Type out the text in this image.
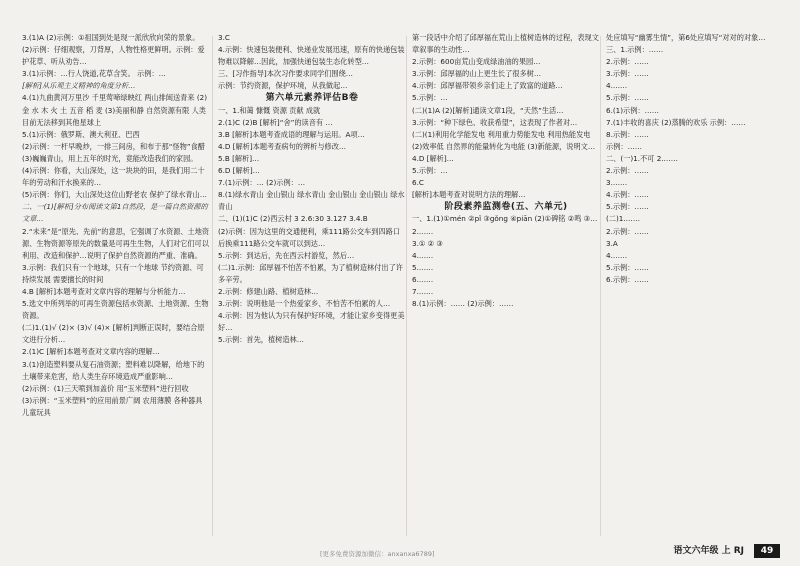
3.(1)A (2)示例：①祖国到处是现一派欣欣向荣的景象。

(2)示例：仔细观察，刀背厚，人物性格更鲜明。示例：爱护花草、听从劝告…

3.(1)示例：…行人饶道,花草含笑。 示例：…

[解析]从乐观主义精神的角度分析…

4.(1)九曲黄河万里沙 千里莺啼绿映红 两山排闼送青来 (2)金 水 木 火 土 五音 稻 麦 (3)美丽和静 自然资源有限 人类目前无法移到其他星球上

5.(1)示例：俄罗斯、澳大利亚、巴西

(2)示例：一杆早晚炒，一排三间房，和布于那“怪物”食醋

(3)巍巍青山，用上五年的时光，竟能改造我们的家园。

(4)示例：你看，大山深处，这一块块的田，是我们用二十年的劳动和汗水换来的…

(5)示例：你们，大山深处这位山野老农 保护了绿水青山…

二、一(1)[解析]分布阅读文第1自然段，是一篇自然资源的文章…

2.“未来”是“原先、先前”的意思，它强调了水资源、土地资源、生物资源等原先的数量是可再生生物，人们对它们可以利用、改造和保护…说明了保护自然资源的严重、准确。

3.示例：我们只有一个地球，只有一个地球 节约资源、可持续发展 需要擅长的时间

4.B [解析]本题考查对文章内容的理解与分析能力…

5.选文中所列举的可再生资源包括水资源、土地资源、生物资源。

(二)1.(1)√ (2)× (3)√ (4)× [解析]判断正误时，要结合原文进行分析…

2.(1)C [解析]本题考查对文章内容的理解…

3.(1)创造塑料要从复石油资源；塑料难以降解，给地下的土壤带来危害，给人类生存环境造成严重影响…

(2)示例：(1)三天喷到加盖价 用“玉米塑料”进行回收

(3)示例：“玉米塑料”的应用前景广阔 农用薄膜 各种器具 儿童玩具

3.C

4.示例：快速包装便利、快递业发展迅速，原有的快递包装物难以降解…因此，加强快递包装生态化转型…

三、[习作指导]本次习作要求同学们围绕…

示例：节约资源，保护环境，从我做起…

第六单元素养评估B卷

一、1.和蔼 慷慨 资源 贡献 成就

2.(1)C (2)B [解析]“舍”的读音有 …

3.B [解析]本题考查成语的理解与运用。A项…

4.D [解析]本题考查病句的辨析与修改…

5.B [解析]…

6.D [解析]…

7.(1)示例：… (2)示例：…

8.(1)绿水青山 金山银山 绿水青山 金山银山 金山银山 绿水青山

二、(1)(1)C (2)西云村 3 2.6:30 3.127 3.4.B

(2)示例：因为这里的交通便利，乘111路公交车到四路口后换乘111路公交车就可以到达…

5.示例：到达后，先在西云村游览，然后…

(二)1.示例：邱厚福不怕苦不怕累，为了植树造林付出了许多辛劳。

2.示例：修建山路、植树造林…

3.示例：说明他是一个热爱家乡、不怕苦不怕累的人…

4.示例：因为他认为只有保护好环境，才能让家乡变得更美好…

5.示例：首先，植树造林…

第一段话中介绍了邱厚福在荒山上植树造林的过程，表现文章叙事的生动性…

2.示例：600亩荒山变成绿油油的果园…

3.示例：邱厚福的山上更生长了很多树…

4.示例：邱厚福带领乡亲们走上了致富的道路…

5.示例：…

(二)(1)A (2)[解析]通读文章1段，“天然”生活…

3.示例：“种下绿色、收获希望”，这表现了作者对…

(二)(1)利用化学能发电 利用重力势能发电 利用热能发电 (2)效率低 自然界的能量转化为电能 (3)新能源，说明文…

4.D [解析]…

5.示例：…

6.C

[解析]本题考查对说明方法的理解…

阶段素养监测卷(五、六单元)

一、1.(1)①mén ②pǐ ③gǒng ④piān (2)①碑铭 ②鸣 ③…

2.……

3.① ② ③

4.……

5.……

6.……

7.……

8.(1)示例：…… (2)示例：……

处应填写“幽雾生情”，第6处应填写“对对的对象…

三、1.示例：……

2.示例：……

3.示例：……

4.……

5.示例：……

6.(1)示例：……

7.(1)丰收的喜庆 (2)蒸腾的欢乐 示例：……

8.示例：……

示例：……

二、(一)1.不可 2.……

2.示例：……

3.……

4.示例：……

5.示例：……

(二)1.……

2.示例：……

3.A

4.……

5.示例：……

6.示例：……

[更多免费资源加微信：anxanxa6789]	语文六年级 上 RJ	49
